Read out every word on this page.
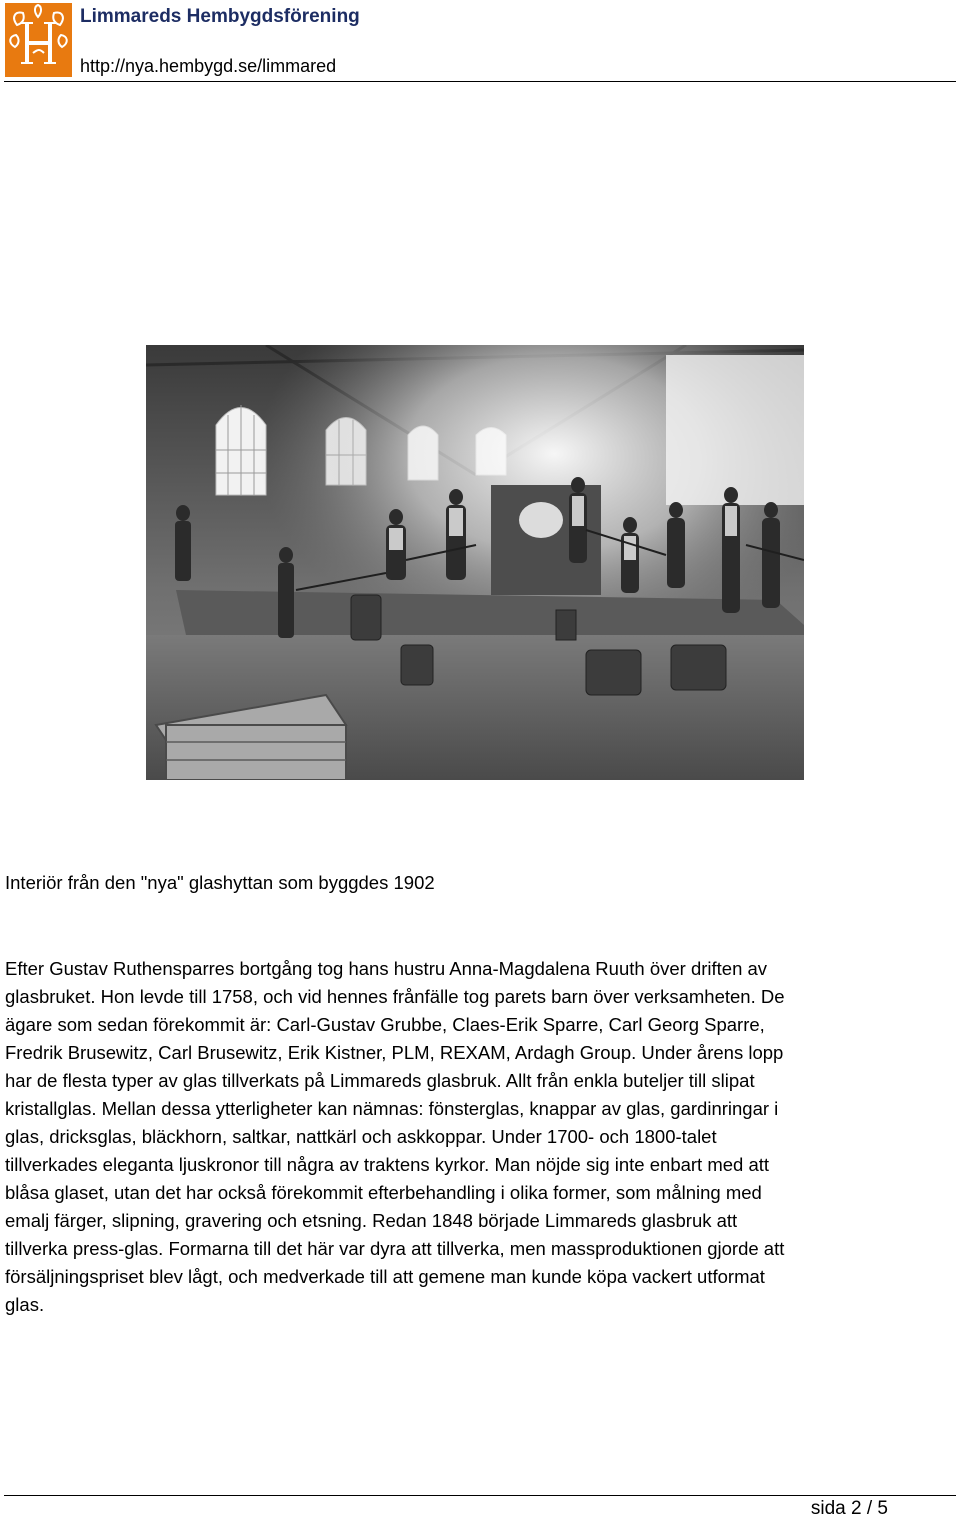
Limmareds Hembygdsförening
http://nya.hembygd.se/limmared
Interiör från den "nya" glashyttan som byggdes 1902
Efter Gustav Ruthensparres bortgång tog hans hustru Anna-Magdalena Ruuth över driften av
glasbruket. Hon levde till 1758, och vid hennes frånfälle tog parets barn över verksamheten. De
ägare som sedan förekommit är: Carl-Gustav Grubbe, Claes-Erik Sparre, Carl Georg Sparre,
Fredrik Brusewitz, Carl Brusewitz, Erik Kistner, PLM, REXAM, Ardagh Group. Under årens lopp
har de flesta typer av glas tillverkats på Limmareds glasbruk. Allt från enkla buteljer till slipat
kristallglas. Mellan dessa ytterligheter kan nämnas: fönsterglas, knappar av glas, gardinringar i
glas, dricksglas, bläckhorn, saltkar, nattkärl och askkoppar. Under 1700- och 1800-talet
tillverkades eleganta ljuskronor till några av traktens kyrkor. Man nöjde sig inte enbart med att
blåsa glaset, utan det har också förekommit efterbehandling i olika former, som målning med
emalj färger, slipning, gravering och etsning. Redan 1848 började Limmareds glasbruk att
tillverka press-glas. Formarna till det här var dyra att tillverka, men massproduktionen gjorde att
försäljningspriset blev lågt, och medverkade till att gemene man kunde köpa vackert utformat
glas.
sida 2 / 5
